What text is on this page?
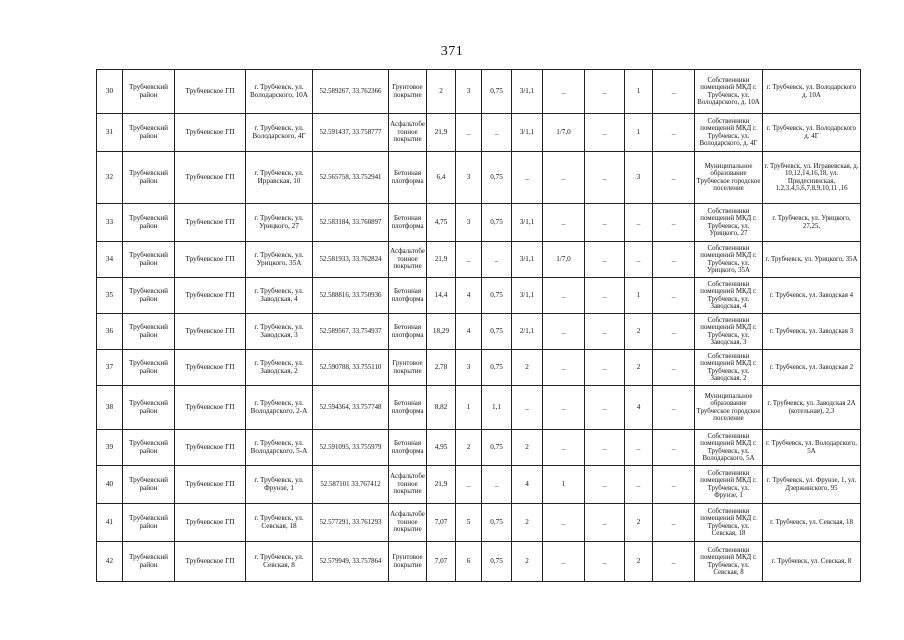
371
30	Трубчевский район	Трубчевское ГП	г. Трубчевск, ул. Володарского, 10А	52.589267, 33.762366	Грунтовое покрытие	2	3	0,75	3/1,1	_	_	1	_	Собственники помещений МКД г. Трубчевск, ул. Володарского, д. 10А	г. Трубчевск, ул. Володарского д. 10А
31	Трубчевский район	Трубчевское ГП	г. Трубчевск, ул. Володарского, 4Г	52.591437, 33.758777	Асфальтобе тонное покрытие	21,9	_	_	3/1,1	1/7,0	_	1	_	Собственники помещений МКД г. Трубчевск, ул. Володарского, д. 4Г	г. Трубчевск, ул. Володарского д. 4Г
32	Трубчевский район	Трубчевское ГП	г. Трубчевск, ул. Ирравская, 10	52.565758, 33.752941	Бетонная плотформа	6,4	3	0,75	_	_	_	3	_	Муниципальное образование Трубческое городское поселение	г. Трубчевск, ул. Игравевская, д. 10,12,14,16,18, ул. Придеснинская, 1,2,3,4,5,6,7,8,9,10,11 ,16
33	Трубчевский район	Трубчевское ГП	г. Трубчевск, ул. Урицкого, 27	52.583184, 33.760897	Бетонная плотформа	4,75	3	0,75	3/1,1	_	_	_	_	Собственники помещений МКД г. Трубчевск, ул. Урицкого, 27	г. Трубчевск, ул. Урицкого, 27,25,
34	Трубчевский район	Трубчевское ГП	г. Трубчевск, ул. Урицкого, 35А	52.581933, 33.762824	Асфальтобе тонное покрытие	21,9	_	_	3/1,1	1/7,0	_	_	_	Собственники помещений МКД г. Трубчевск, ул. Урицкого, 35А	г. Трубчевск, ул. Урицкого, 35А
35	Трубчевский район	Трубчевское ГП	г. Трубчевск, ул. Заводская, 4	52.588816, 33.750936	Бетонная плотформа	14,4	4	0,75	3/1,1	_	_	1	_	Собственники помещений МКД г. Трубчевск, ул. Заводская, 4	г. Трубчевск, ул. Заводская 4
36	Трубчевский район	Трубчевское ГП	г. Трубчевск, ул. Заводская, 3	52.589567, 33.754937	Бетонная плотформа	18,29	4	0,75	2/1,1	_	_	2	_	Собственники помещений МКД г. Трубчевск, ул. Заводская, 3	г. Трубчевск, ул. Заводская 3
37	Трубчевский район	Трубчевское ГП	г. Трубчевск, ул. Заводская, 2	52.590788, 33.755110	Грунтовое покрытие	2,78	3	0,75	2	_	_	2	_	Собственники помещений МКД г. Трубчевск, ул. Заводская, 2	г. Трубчевск, ул. Заводская 2
38	Трубчевский район	Трубчевское ГП	г. Трубчевск, ул. Володарского, 2-А	52.594364, 33.757748	Бетонная плотформа	8,82	1	1,1	_	_	_	4	_	Муниципальное образование Трубческое городское поселение	г. Трубчевск, ул. Заводская 2А (котельная), 2,3
39	Трубчевский район	Трубчевское ГП	г. Трубчевск, ул. Володарского, 5-А	52.591095, 33.755979	Бетонная плотформа	4,95	2	0,75	2	_	_	_	_	Собственники помещений МКД г. Трубчевск, ул. Володарского, 5А	г. Трубчевск, ул. Володарского, 5А
40	Трубчевский район	Трубчевское ГП	г. Трубчевск, ул. Фрунзе, 1	52.587101 33.767412	Асфальтобе тонное покрытие	21,9	_	_	4	1	_	_	_	Собственники помещений МКД г. Трубчевск, ул. Фрунзе, 1	г. Трубчевск, ул. Фрунзе, 1, ул. Дзержинского, 95
41	Трубчевский район	Трубчевское ГП	г. Трубчевск, ул. Севская, 18	52.577291, 33.761293	Асфальтобе тонное покрытие	7,07	5	0,75	2	_	_	2	_	Собственники помещений МКД г. Трубчевск, ул. Севская, 18	г. Трубчевск, ул. Севская, 18
42	Трубчевский район	Трубчевское ГП	г. Трубчевск, ул. Севская, 8	52.579949, 33.757864	Грунтовое покрытие	7,07	6	0,75	2	_	_	2	_	Собственники помещений МКД г. Трубчевск, ул. Севская, 8	г. Трубчевск, ул. Севская, 8
